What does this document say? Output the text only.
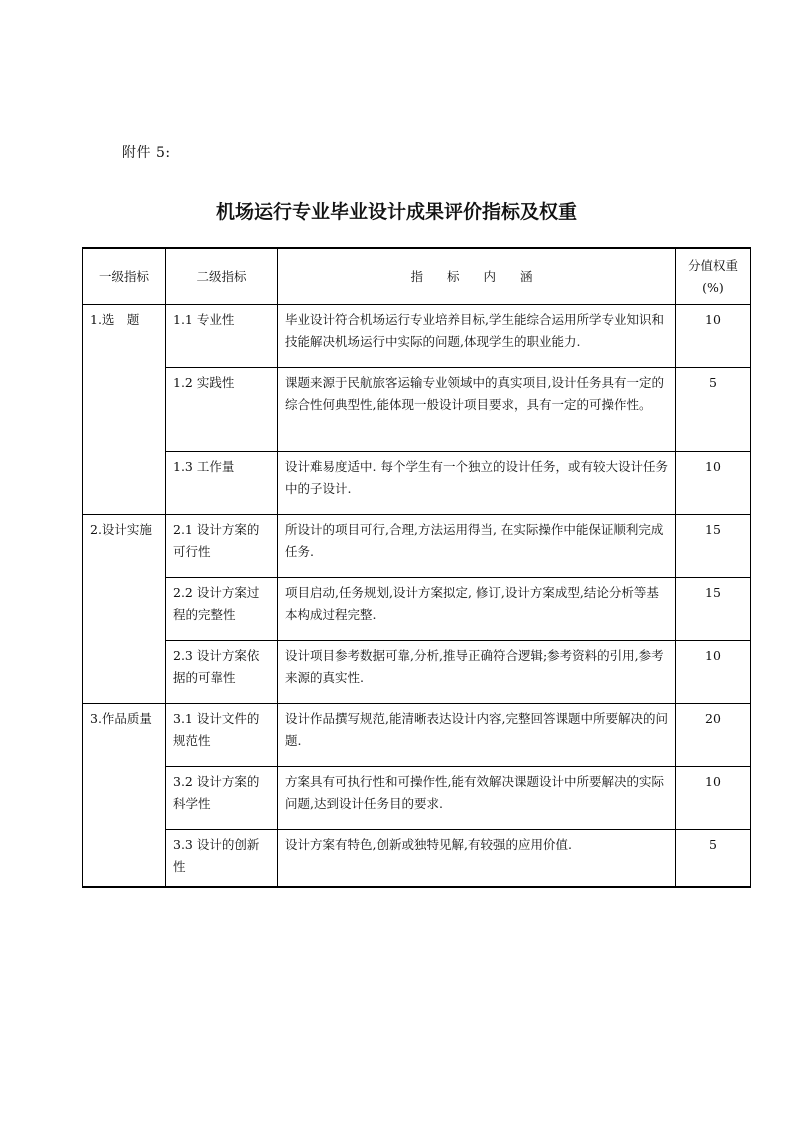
附件 5:
机场运行专业毕业设计成果评价指标及权重
一级指标	二级指标	指 标 内 涵	分值权重(%)
1.选　题	1.1 专业性	毕业设计符合机场运行专业培养目标,学生能综合运用所学专业知识和技能解决机场运行中实际的问题,体现学生的职业能力.	10
	1.2 实践性	课题来源于民航旅客运输专业领域中的真实项目,设计任务具有一定的综合性何典型性,能体现一般设计项目要求，具有一定的可操作性。	5
	1.3 工作量	设计难易度适中. 每个学生有一个独立的设计任务，或有较大设计任务中的子设计.	10
2.设计实施	2.1 设计方案的可行性	所设计的项目可行,合理,方法运用得当, 在实际操作中能保证顺利完成任务.	15
	2.2 设计方案过程的完整性	项目启动,任务规划,设计方案拟定, 修订,设计方案成型,结论分析等基本构成过程完整.	15
	2.3 设计方案依据的可靠性	设计项目参考数据可靠,分析,推导正确符合逻辑;参考资料的引用,参考来源的真实性.	10
3.作品质量	3.1 设计文件的规范性	设计作品撰写规范,能清晰表达设计内容,完整回答课题中所要解决的问题.	20
	3.2 设计方案的科学性	方案具有可执行性和可操作性,能有效解决课题设计中所要解决的实际问题,达到设计任务目的要求.	10
	3.3 设计的创新性	设计方案有特色,创新或独特见解,有较强的应用价值.	5
